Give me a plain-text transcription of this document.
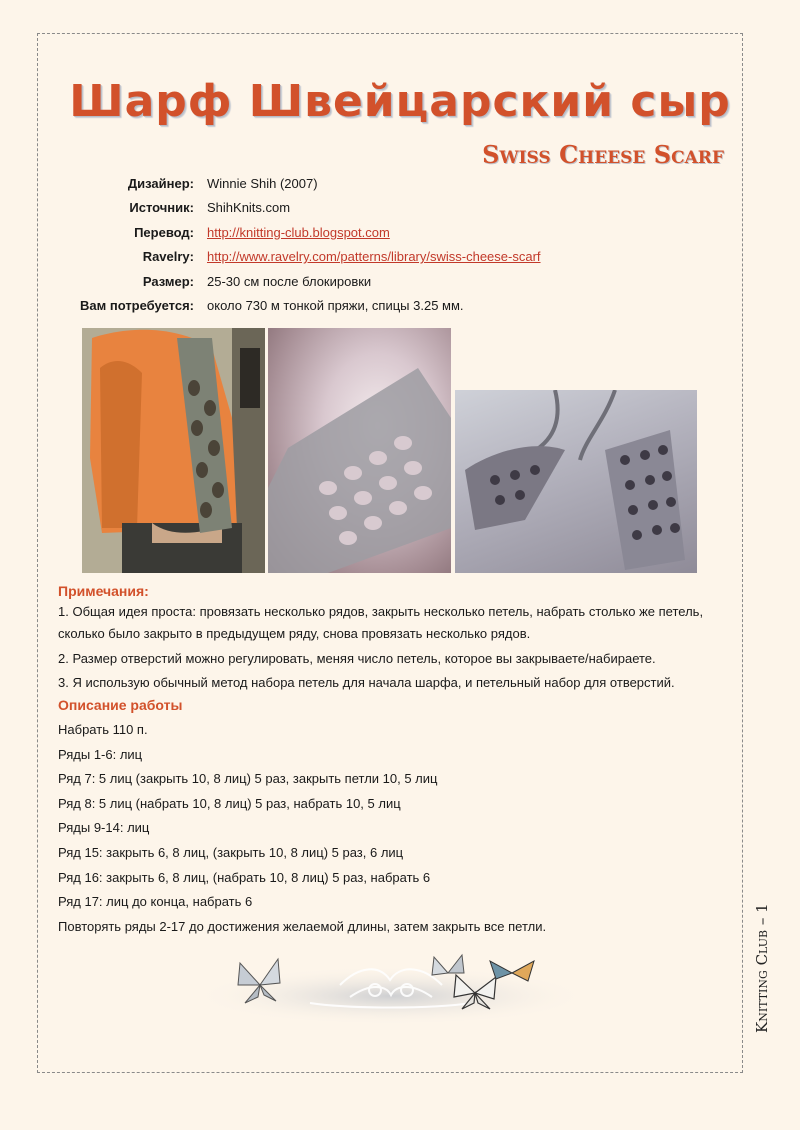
Шарф Швейцарский сыр
Swiss Cheese Scarf
Дизайнер:	Winnie Shih (2007)
Источник:	ShihKnits.com
Перевод:	http://knitting-club.blogspot.com
Ravelry:	http://www.ravelry.com/patterns/library/swiss-cheese-scarf
Размер:	25-30 см после блокировки
Вам потребуется:	около 730 м тонкой пряжи, спицы 3.25 мм.
Примечания:
1. Общая идея проста: провязать несколько рядов, закрыть несколько петель, набрать столько же петель, сколько было закрыто в предыдущем ряду, снова провязать несколько рядов.
2. Размер отверстий можно регулировать, меняя число петель, которое вы закрываете/набираете.
3. Я использую обычный метод набора петель для начала шарфа, и петельный набор для отверстий.
Описание работы
Набрать 110 п.
Ряды 1-6: лиц
Ряд 7: 5 лиц (закрыть 10, 8 лиц) 5 раз, закрыть петли 10, 5 лиц
Ряд 8: 5 лиц (набрать 10, 8 лиц) 5 раз, набрать 10, 5 лиц
Ряды 9-14: лиц
Ряд 15: закрыть 6, 8 лиц, (закрыть 10, 8 лиц) 5 раз, 6 лиц
Ряд 16: закрыть 6, 8 лиц, (набрать 10, 8 лиц) 5 раз, набрать 6
Ряд 17: лиц до конца, набрать 6
Повторять ряды 2-17 до достижения желаемой длины, затем закрыть все петли.	Knitting Club – 1
